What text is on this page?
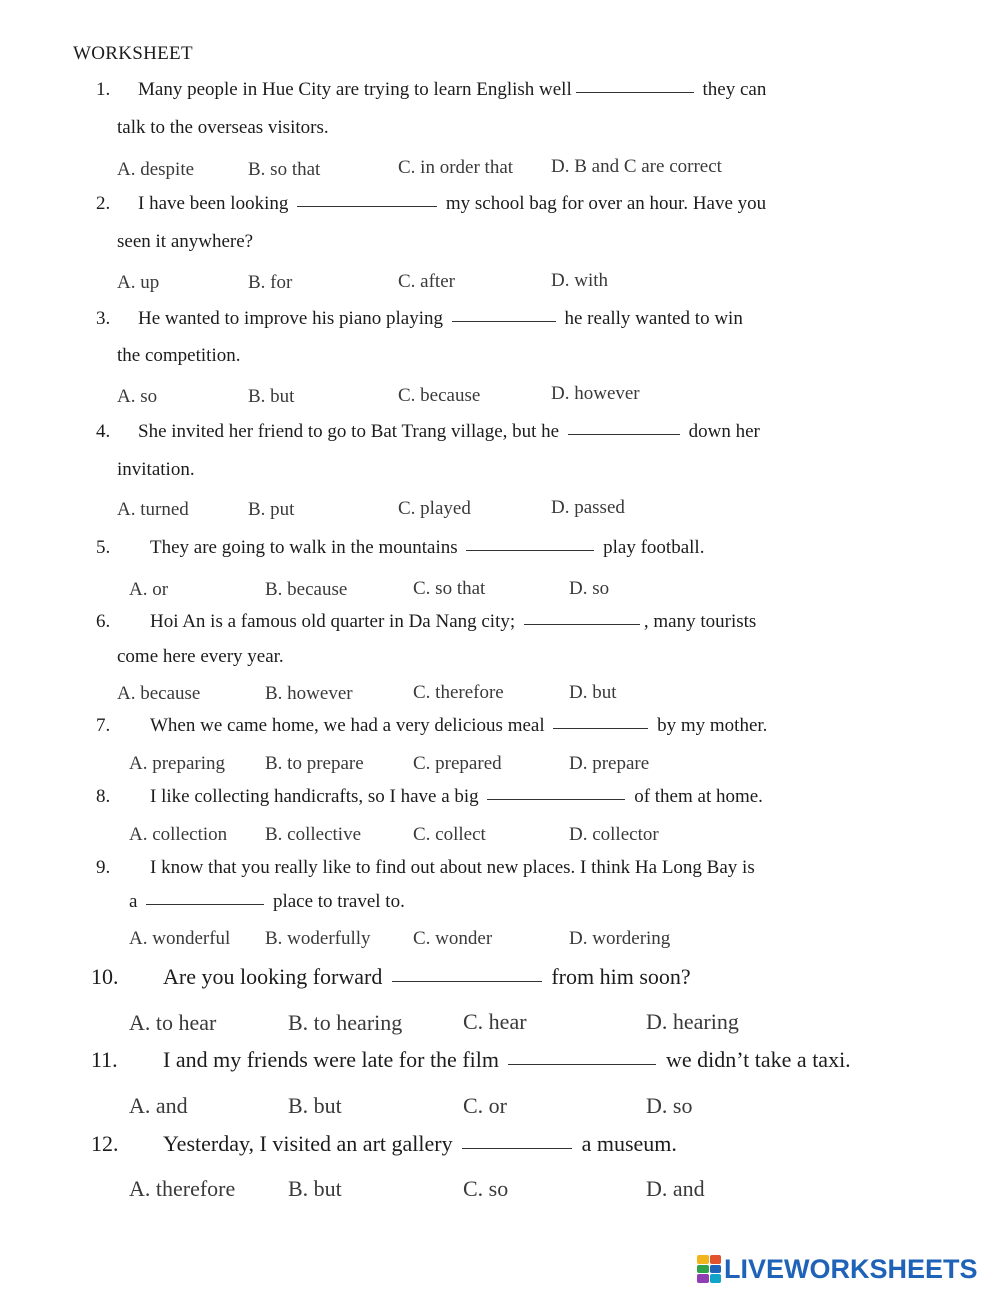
WORKSHEET
1. Many people in Hue City are trying to learn English well	they can
talk to the overseas visitors.
A. despite	B. so that	C. in order that D. B and C are correct
2. I have been looking	my school bag for over an hour. Have you
seen it anywhere?
A. up	B. for	C. after	D. with
3. He wanted to improve his piano playing	he really wanted to win
the competition.
A. so	B. but	C. because	D. however
4. She invited her friend to go to Bat Trang village, but he	down her
invitation.
A. turned	B. put	C. played	D. passed
5. They are going to walk in the mountains	play football.
A. or	B. because	C. so that	D. so
6. Hoi An is a famous old quarter in Da Nang city;	, many tourists
come here every year.
A. because	B. however	C. therefore	D. but
7. When we came home, we had a very delicious meal	by my mother.
A. preparing B. to prepare	C. prepared	D. prepare
8. I like collecting handicrafts, so I have a big	of them at home.
A. collection B. collective	C. collect	D. collector
9. I know that you really like to find out about new places. I think Ha Long Bay is
a	place to travel to.
A. wonderful B. woderfully C. wonder	D. wordering
10. Are you looking forward	from him soon?
A. to hear	B. to hearing	C. hear	D. hearing
11. I and my friends were late for the film	we didn’t take a taxi.
A. and	B. but	C. or	D. so
12. Yesterday, I visited an art gallery	a museum.
A. therefore B. but	C. so	D. and
LIVEWORKSHEETS
